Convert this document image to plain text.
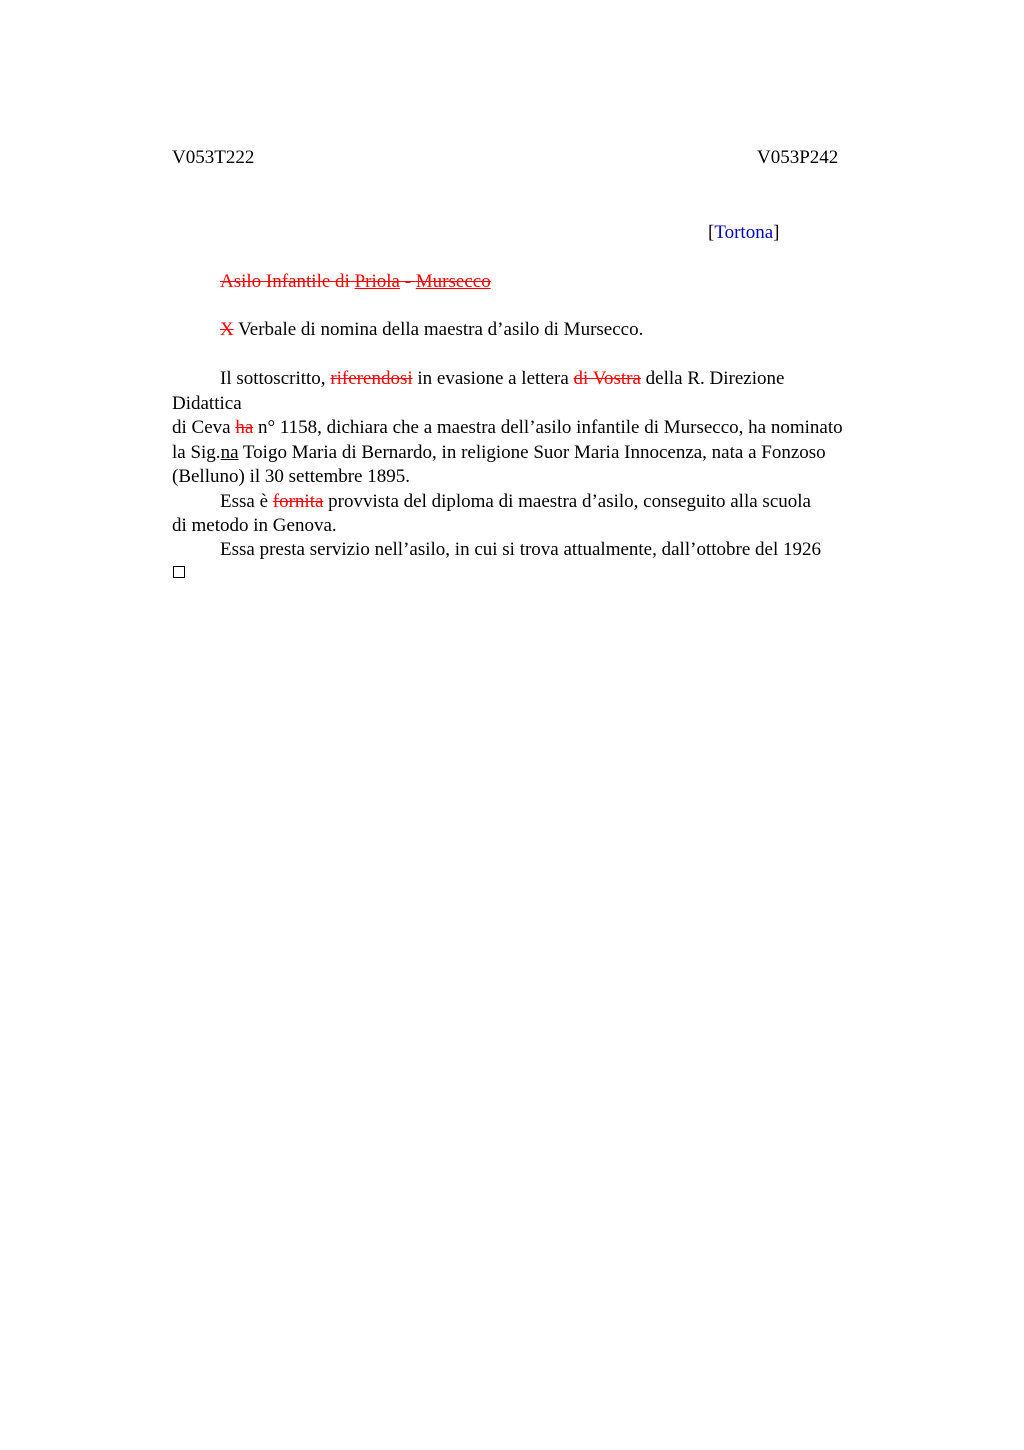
V053T222	V053P242
[Tortona]
Asilo Infantile di Priola - Mursecco
X Verbale di nomina della maestra d’asilo di Mursecco.
Il sottoscritto, riferendosi in evasione a lettera di Vostra della R. Direzione
Didattica
di Ceva ha n° 1158, dichiara che a maestra dell’asilo infantile di Mursecco, ha nominato
la Sig.na Toigo Maria di Bernardo, in religione Suor Maria Innocenza, nata a Fonzoso
(Belluno) il 30 settembre 1895.
Essa è fornita provvista del diploma di maestra d’asilo, conseguito alla scuola
di metodo in Genova.
Essa presta servizio nell’asilo, in cui si trova attualmente, dall’ottobre del 1926
